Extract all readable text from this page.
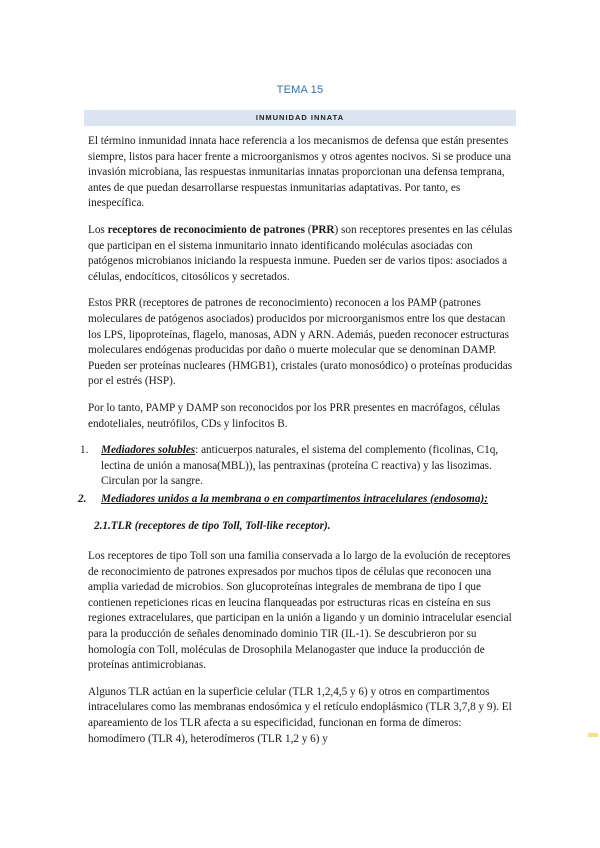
TEMA 15
INMUNIDAD INNATA

El término inmunidad innata hace referencia a los mecanismos de defensa que están presentes siempre, listos para hacer frente a microorganismos y otros agentes nocivos. Si se produce una invasión microbiana, las respuestas inmunitarias innatas proporcionan una defensa temprana, antes de que puedan desarrollarse respuestas inmunitarias adaptativas. Por tanto, es inespecífica.

Los receptores de reconocimiento de patrones (PRR) son receptores presentes en las células que participan en el sistema inmunitario innato identificando moléculas asociadas con patógenos microbianos iniciando la respuesta inmune. Pueden ser de varios tipos: asociados a células, endocíticos, citosólicos y secretados.

Estos PRR (receptores de patrones de reconocimiento) reconocen a los PAMP (patrones moleculares de patógenos asociados) producidos por microorganismos entre los que destacan los LPS, lipoproteínas, flagelo, manosas, ADN y ARN. Además, pueden reconocer estructuras moleculares endógenas producidas por daño o muerte molecular que se denominan DAMP. Pueden ser proteínas nucleares (HMGB1), cristales (urato monosódico) o proteínas producidas por el estrés (HSP).

Por lo tanto, PAMP y DAMP son reconocidos por los PRR presentes en macrófagos, células endoteliales, neutrófilos, CDs y linfocitos B.

1. Mediadores solubles: anticuerpos naturales, el sistema del complemento (ficolinas, C1q, lectina de unión a manosa(MBL)), las pentraxinas (proteína C reactiva) y las lisozimas. Circulan por la sangre.
2. Mediadores unidos a la membrana o en compartimentos intracelulares (endosoma):
2.1.TLR (receptores de tipo Toll, Toll-like receptor).

Los receptores de tipo Toll son una familia conservada a lo largo de la evolución de receptores de reconocimiento de patrones expresados por muchos tipos de células que reconocen una amplia variedad de microbios. Son glucoproteínas integrales de membrana de tipo I que contienen repeticiones ricas en leucina flanqueadas por estructuras ricas en cisteína en sus regiones extracelulares, que participan en la unión a ligando y un dominio intracelular esencial para la producción de señales denominado dominio TIR (IL-1). Se descubrieron por su homología con Toll, moléculas de Drosophila Melanogaster que induce la producción de proteínas antimicrobianas.

Algunos TLR actúan en la superficie celular (TLR 1,2,4,5 y 6) y otros en compartimentos intracelulares como las membranas endosómica y el retículo endoplásmico (TLR 3,7,8 y 9). El apareamiento de los TLR afecta a su especificidad, funcionan en forma de dímeros: homodímero (TLR 4), heterodímeros (TLR 1,2 y 6) y
